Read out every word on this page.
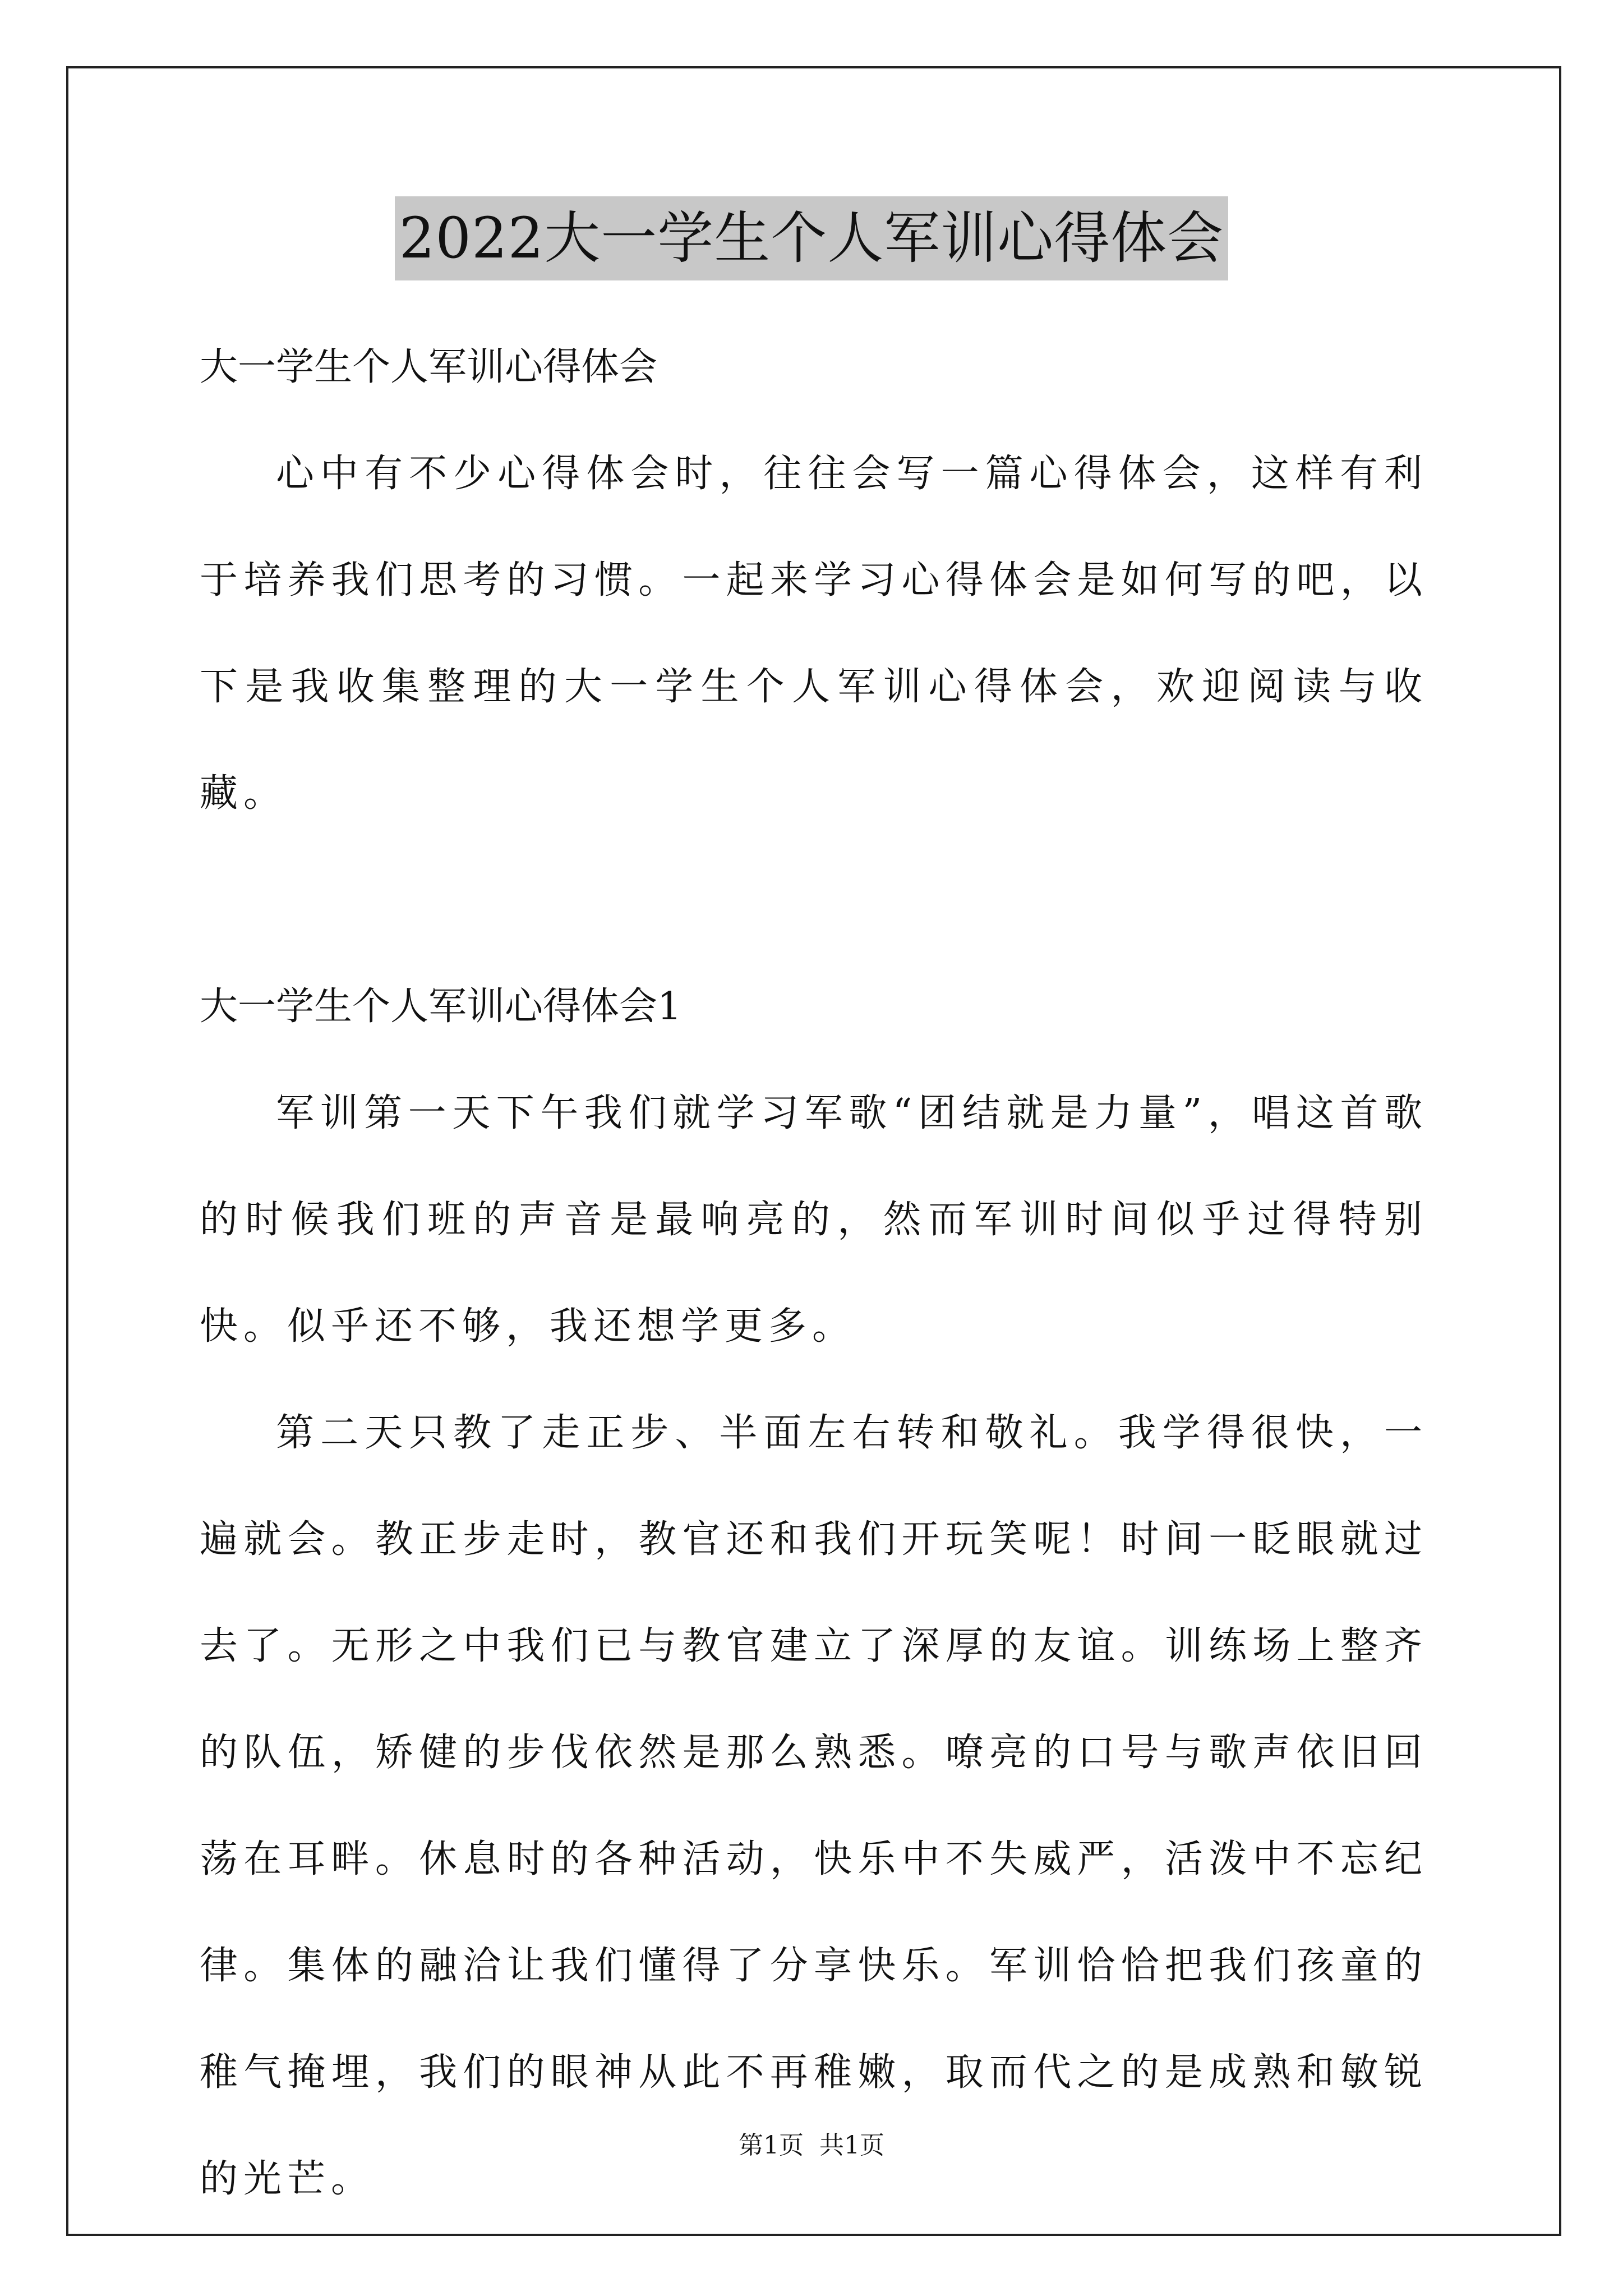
2022大一学生个人军训心得体会

大一学生个人军训心得体会

心中有不少心得体会时，往往会写一篇心得体会，这样有利于培养我们思考的习惯。一起来学习心得体会是如何写的吧，以下是我收集整理的大一学生个人军训心得体会，欢迎阅读与收藏。

大一学生个人军训心得体会1

军训第一天下午我们就学习军歌“团结就是力量”，唱这首歌的时候我们班的声音是最响亮的，然而军训时间似乎过得特别快。似乎还不够，我还想学更多。

第二天只教了走正步、半面左右转和敬礼。我学得很快，一遍就会。教正步走时，教官还和我们开玩笑呢！时间一眨眼就过去了。无形之中我们已与教官建立了深厚的友谊。训练场上整齐的队伍，矫健的步伐依然是那么熟悉。嘹亮的口号与歌声依旧回荡在耳畔。休息时的各种活动，快乐中不失威严，活泼中不忘纪律。集体的融洽让我们懂得了分享快乐。军训恰恰把我们孩童的稚气掩埋，我们的眼神从此不再稚嫩，取而代之的是成熟和敏锐的光芒。

第1页 共1页
